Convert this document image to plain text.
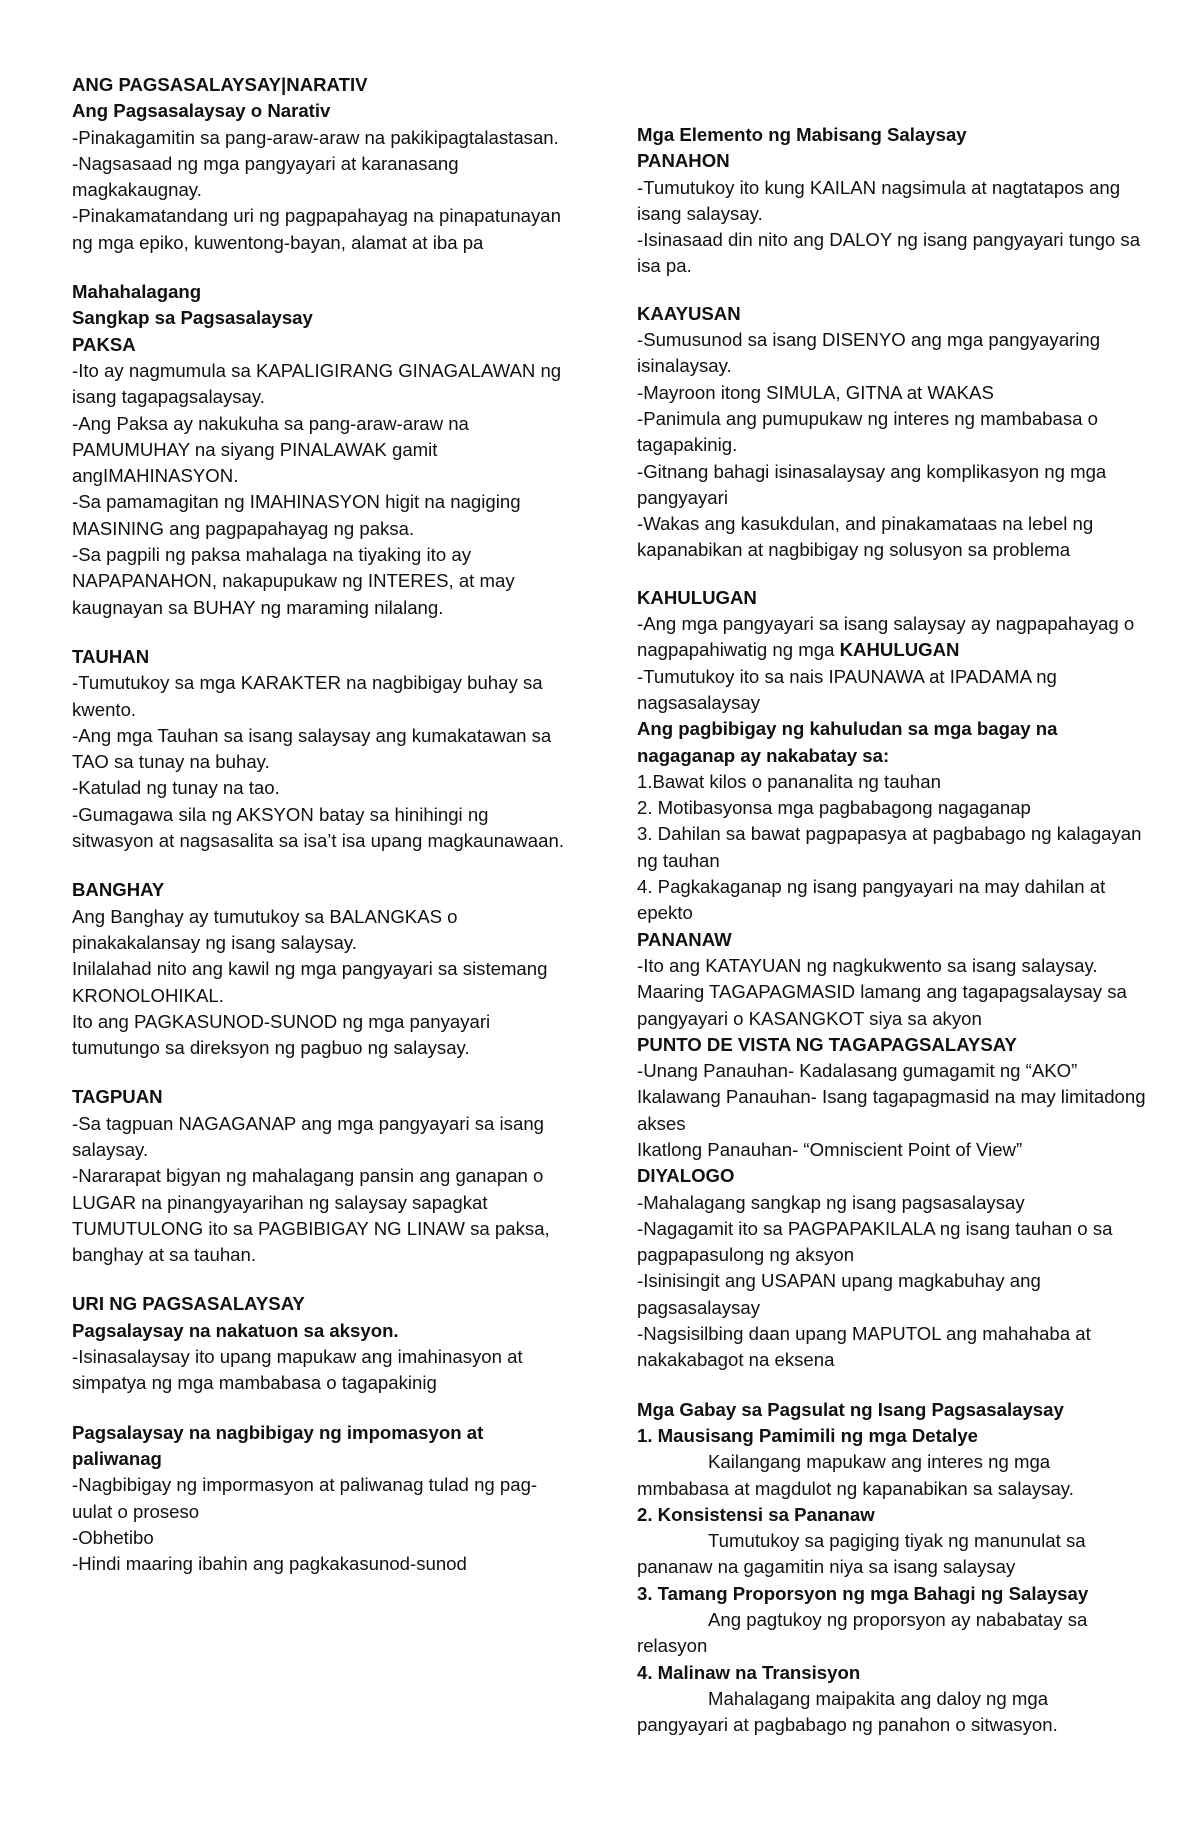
ANG PAGSASALAYSAY|NARATIV

Ang Pagsasalaysay o Narativ

-Pinakagamitin sa pang-araw-araw na pakikipagtalastasan.

-Nagsasaad ng mga pangyayari at karanasang magkakaugnay.

-Pinakamatandang uri ng pagpapahayag na pinapatunayan ng mga epiko, kuwentong-bayan, alamat at iba pa

Mahahalagang

Sangkap sa Pagsasalaysay

PAKSA

-Ito ay nagmumula sa KAPALIGIRANG GINAGALAWAN ng isang tagapagsalaysay.

-Ang Paksa ay nakukuha sa pang-araw-araw na PAMUMUHAY na siyang PINALAWAK gamit angIMAHINASYON.

-Sa pamamagitan ng IMAHINASYON higit na nagiging MASINING ang pagpapahayag ng paksa.

-Sa pagpili ng paksa mahalaga na tiyaking ito ay NAPAPANAHON, nakapupukaw ng INTERES, at may kaugnayan sa BUHAY ng maraming nilalang.

TAUHAN

-Tumutukoy sa mga KARAKTER na nagbibigay buhay sa kwento.

-Ang mga Tauhan sa isang salaysay ang kumakatawan sa TAO sa tunay na buhay.

-Katulad ng tunay na tao.

-Gumagawa sila ng AKSYON batay sa hinihingi ng sitwasyon at nagsasalita sa isa’t isa upang magkaunawaan.

BANGHAY

Ang Banghay ay tumutukoy sa BALANGKAS o pinakakalansay ng isang salaysay.

Inilalahad nito ang kawil ng mga pangyayari sa sistemang KRONOLOHIKAL.

Ito ang PAGKASUNOD-SUNOD ng mga panyayari tumutungo sa direksyon ng pagbuo ng salaysay.

TAGPUAN

-Sa tagpuan NAGAGANAP ang mga pangyayari sa isang salaysay.

-Nararapat bigyan ng mahalagang pansin ang ganapan o LUGAR na pinangyayarihan ng salaysay sapagkat TUMUTULONG ito sa PAGBIBIGAY NG LINAW sa paksa, banghay at sa tauhan.

URI NG PAGSASALAYSAY

Pagsalaysay na nakatuon sa aksyon.

-Isinasalaysay ito upang mapukaw ang imahinasyon at simpatya ng mga mambabasa o tagapakinig

Pagsalaysay na nagbibigay ng impomasyon at paliwanag

-Nagbibigay ng impormasyon at paliwanag tulad ng pag-uulat o proseso

-Obhetibo

-Hindi maaring ibahin ang pagkakasunod-sunod

Mga Elemento ng Mabisang Salaysay

PANAHON

-Tumutukoy ito kung KAILAN nagsimula at nagtatapos ang isang salaysay.

-Isinasaad din nito ang DALOY ng isang pangyayari tungo sa isa pa.

KAAYUSAN

-Sumusunod sa isang DISENYO ang mga pangyayaring isinalaysay.

-Mayroon itong SIMULA, GITNA at WAKAS

-Panimula ang pumupukaw ng interes ng mambabasa o tagapakinig.

-Gitnang bahagi isinasalaysay ang komplikasyon ng mga pangyayari

-Wakas ang kasukdulan, and pinakamataas na lebel ng kapanabikan at nagbibigay ng solusyon sa problema

KAHULUGAN

-Ang mga pangyayari sa isang salaysay ay nagpapahayag o nagpapahiwatig ng mga KAHULUGAN

-Tumutukoy ito sa nais IPAUNAWA at IPADAMA ng nagsasalaysay

Ang pagbibigay ng kahuludan sa mga bagay na nagaganap ay nakabatay sa:

1.Bawat kilos o pananalita ng tauhan

2. Motibasyonsa mga pagbabagong nagaganap

3. Dahilan sa bawat pagpapasya at pagbabago ng kalagayan ng tauhan

4. Pagkakaganap ng isang pangyayari na may dahilan at epekto

PANANAW

-Ito ang KATAYUAN ng nagkukwento sa isang salaysay.

Maaring TAGAPAGMASID lamang ang tagapagsalaysay sa pangyayari o KASANGKOT siya sa akyon

PUNTO DE VISTA NG TAGAPAGSALAYSAY

-Unang Panauhan- Kadalasang gumagamit ng “AKO”

Ikalawang Panauhan- Isang tagapagmasid na may limitadong akses

Ikatlong Panauhan- “Omniscient Point of View”

DIYALOGO

-Mahalagang sangkap ng isang pagsasalaysay

-Nagagamit ito sa PAGPAPAKILALA ng isang tauhan o sa pagpapasulong ng aksyon

-Isinisingit ang USAPAN upang magkabuhay ang pagsasalaysay

-Nagsisilbing daan upang MAPUTOL ang mahahaba at nakakabagot na eksena

Mga Gabay sa Pagsulat ng Isang Pagsasalaysay

1. Mausisang Pamimili ng mga Detalye

Kailangang mapukaw ang interes ng mga

mmbabasa at magdulot ng kapanabikan sa salaysay.

2. Konsistensi sa Pananaw

Tumutukoy sa pagiging tiyak ng manunulat sa

pananaw na gagamitin niya sa isang salaysay

3. Tamang Proporsyon ng mga Bahagi ng Salaysay

Ang pagtukoy ng proporsyon ay nababatay sa

relasyon

4. Malinaw na Transisyon

Mahalagang maipakita ang daloy ng mga

pangyayari at pagbabago ng panahon o sitwasyon.
